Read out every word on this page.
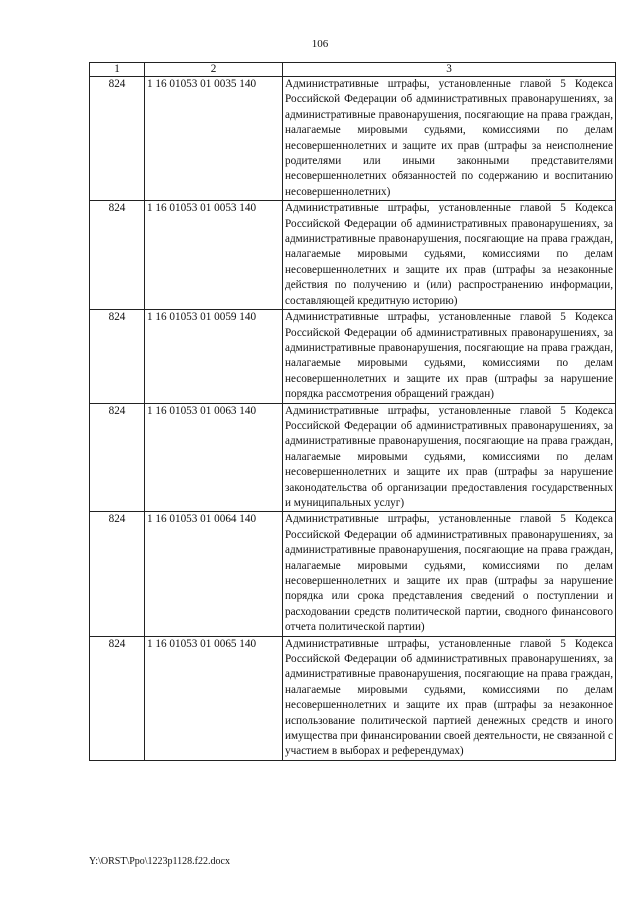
106
1	2	3
824	1 16 01053 01 0035 140	Административные штрафы, установленные главой 5 Кодекса Российской Федерации об административных правонарушениях, за административные правонарушения, посягающие на права граждан, налагаемые мировыми судьями, комиссиями по делам несовершеннолетних и защите их прав (штрафы за неисполнение родителями или иными законными представителями несовершеннолетних обязанностей по содержанию и воспитанию несовершеннолетних)
824	1 16 01053 01 0053 140	Административные штрафы, установленные главой 5 Кодекса Российской Федерации об административных правонарушениях, за административные правонарушения, посягающие на права граждан, налагаемые мировыми судьями, комиссиями по делам несовершеннолетних и защите их прав (штрафы за незаконные действия по получению и (или) распространению информации, составляющей кредитную историю)
824	1 16 01053 01 0059 140	Административные штрафы, установленные главой 5 Кодекса Российской Федерации об административных правонарушениях, за административные правонарушения, посягающие на права граждан, налагаемые мировыми судьями, комиссиями по делам несовершеннолетних и защите их прав (штрафы за нарушение порядка рассмотрения обращений граждан)
824	1 16 01053 01 0063 140	Административные штрафы, установленные главой 5 Кодекса Российской Федерации об административных правонарушениях, за административные правонарушения, посягающие на права граждан, налагаемые мировыми судьями, комиссиями по делам несовершеннолетних и защите их прав (штрафы за нарушение законодательства об организации предоставления государственных и муниципальных услуг)
824	1 16 01053 01 0064 140	Административные штрафы, установленные главой 5 Кодекса Российской Федерации об административных правонарушениях, за административные правонарушения, посягающие на права граждан, налагаемые мировыми судьями, комиссиями по делам несовершеннолетних и защите их прав (штрафы за нарушение порядка или срока представления сведений о поступлении и расходовании средств политической партии, сводного финансового отчета политической партии)
824	1 16 01053 01 0065 140	Административные штрафы, установленные главой 5 Кодекса Российской Федерации об административных правонарушениях, за административные правонарушения, посягающие на права граждан, налагаемые мировыми судьями, комиссиями по делам несовершеннолетних и защите их прав (штрафы за незаконное использование политической партией денежных средств и иного имущества при финансировании своей деятельности, не связанной с участием в выборах и референдумах)
Y:\ORST\Ppo\1223p1128.f22.docx
